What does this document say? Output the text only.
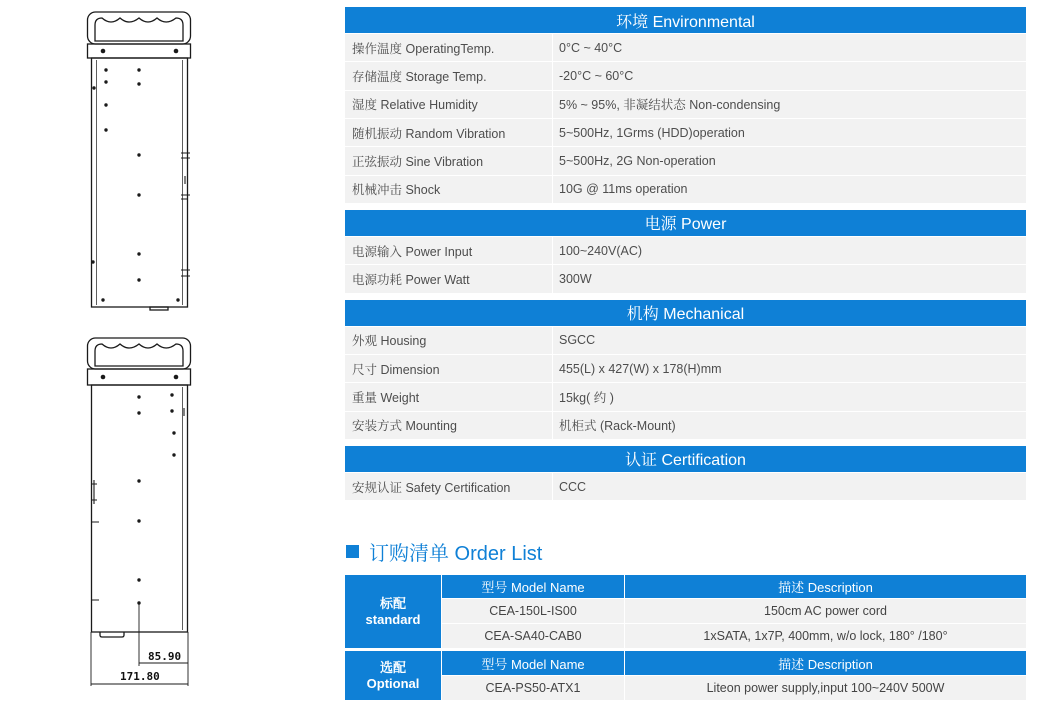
85.90
171.80
环境 Environmental
操作温度 OperatingTemp.	0°C ~ 40°C
存储温度 Storage Temp.	-20°C ~ 60°C
湿度 Relative Humidity	5% ~ 95%, 非凝结状态 Non-condensing
随机振动 Random Vibration	5~500Hz, 1Grms (HDD)operation
正弦振动 Sine Vibration	5~500Hz, 2G Non-operation
机械冲击 Shock	10G @ 11ms operation
电源 Power
电源输入 Power Input	100~240V(AC)
电源功耗 Power Watt	300W
机构 Mechanical
外观 Housing	SGCC
尺寸 Dimension	455(L) x 427(W) x 178(H)mm
重量 Weight	15kg( 约 )
安装方式 Mounting	机柜式 (Rack-Mount)
认证 Certification
安规认证 Safety Certification	CCC
订购清单 Order List
标配
standard
型号 Model Name	描述 Description
CEA-150L-IS00	150cm AC power cord
CEA-SA40-CAB0	1xSATA, 1x7P, 400mm, w/o lock, 180° /180°
选配
Optional
型号 Model Name	描述 Description
CEA-PS50-ATX1	Liteon power supply,input 100~240V 500W
